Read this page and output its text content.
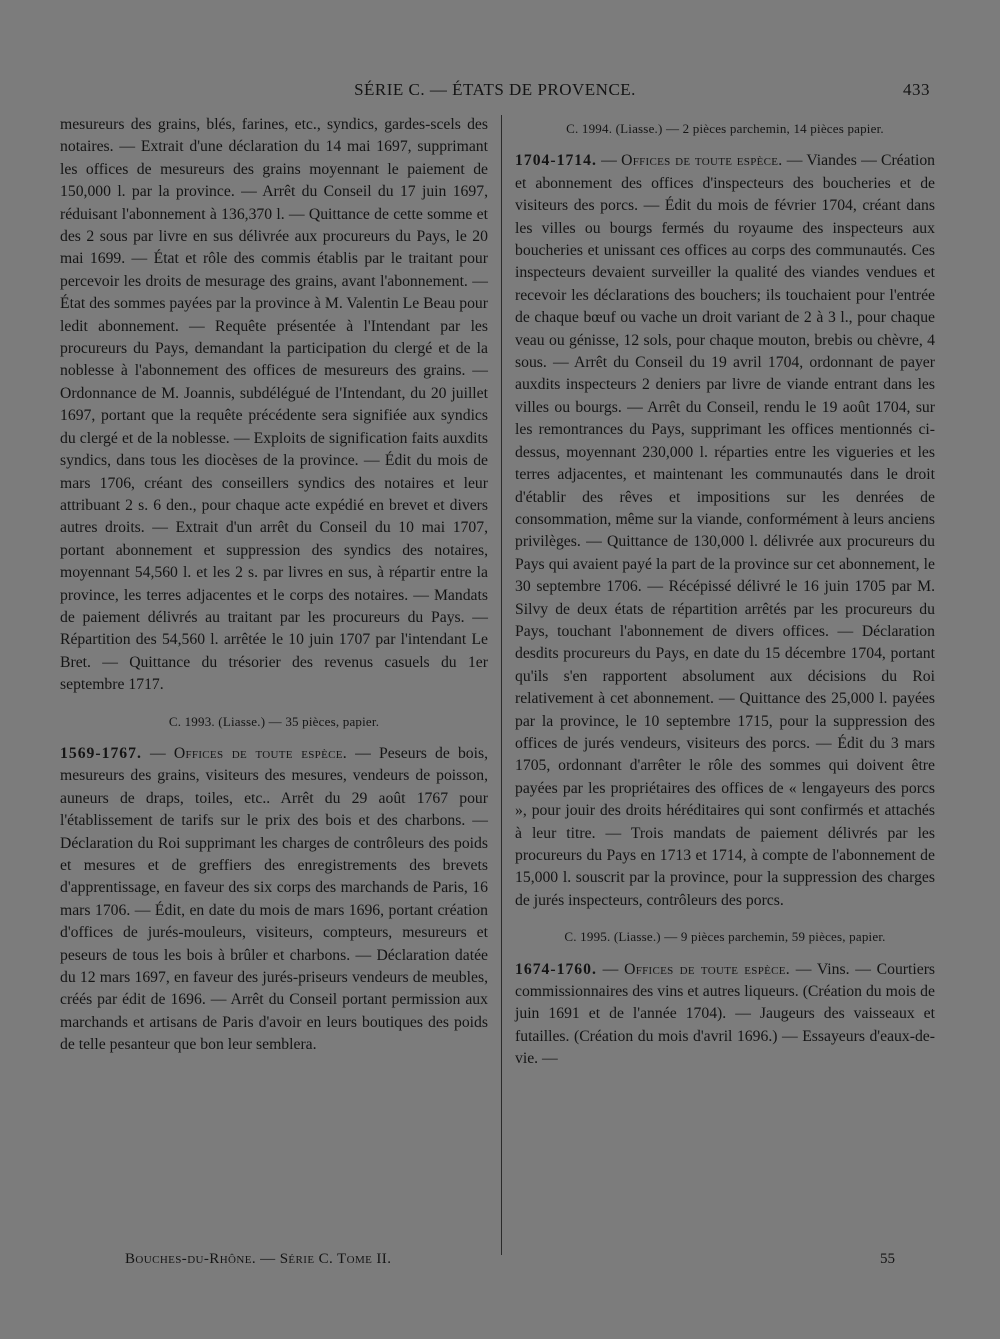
SÉRIE C. — ÉTATS DE PROVENCE.	433

mesureurs des grains, blés, farines, etc., syndics, gardes-scels des notaires. — Extrait d'une déclaration du 14 mai 1697, supprimant les offices de mesureurs des grains moyennant le paiement de 150,000 l. par la province. — Arrêt du Conseil du 17 juin 1697, réduisant l'abonnement à 136,370 l. — Quittance de cette somme et des 2 sous par livre en sus délivrée aux procureurs du Pays, le 20 mai 1699. — État et rôle des commis établis par le traitant pour percevoir les droits de mesurage des grains, avant l'abonnement. — État des sommes payées par la province à M. Valentin Le Beau pour ledit abonnement. — Requête présentée à l'Intendant par les procureurs du Pays, demandant la participation du clergé et de la noblesse à l'abonnement des offices de mesureurs des grains. — Ordonnance de M. Joannis, subdélégué de l'Intendant, du 20 juillet 1697, portant que la requête précédente sera signifiée aux syndics du clergé et de la noblesse. — Exploits de signification faits auxdits syndics, dans tous les diocèses de la province. — Édit du mois de mars 1706, créant des conseillers syndics des notaires et leur attribuant 2 s. 6 den., pour chaque acte expédié en brevet et divers autres droits. — Extrait d'un arrêt du Conseil du 10 mai 1707, portant abonnement et suppression des syndics des notaires, moyennant 54,560 l. et les 2 s. par livres en sus, à répartir entre la province, les terres adjacentes et le corps des notaires. — Mandats de paiement délivrés au traitant par les procureurs du Pays. — Répartition des 54,560 l. arrêtée le 10 juin 1707 par l'intendant Le Bret. — Quittance du trésorier des revenus casuels du 1er septembre 1717.

C. 1993. (Liasse.) — 35 pièces, papier.

1569-1767. — Offices de toute espèce. — Peseurs de bois, mesureurs des grains, visiteurs des mesures, vendeurs de poisson, auneurs de draps, toiles, etc.. Arrêt du 29 août 1767 pour l'établissement de tarifs sur le prix des bois et des charbons. — Déclaration du Roi supprimant les charges de contrôleurs des poids et mesures et de greffiers des enregistrements des brevets d'apprentissage, en faveur des six corps des marchands de Paris, 16 mars 1706. — Édit, en date du mois de mars 1696, portant création d'offices de jurés-mouleurs, visiteurs, compteurs, mesureurs et peseurs de tous les bois à brûler et charbons. — Déclaration datée du 12 mars 1697, en faveur des jurés-priseurs vendeurs de meubles, créés par édit de 1696. — Arrêt du Conseil portant permission aux marchands et artisans de Paris d'avoir en leurs boutiques des poids de telle pesanteur que bon leur semblera.

C. 1994. (Liasse.) — 2 pièces parchemin, 14 pièces papier.

1704-1714. — Offices de toute espèce. — Viandes — Création et abonnement des offices d'inspecteurs des boucheries et de visiteurs des porcs. — Édit du mois de février 1704, créant dans les villes ou bourgs fermés du royaume des inspecteurs aux boucheries et unissant ces offices au corps des communautés. Ces inspecteurs devaient surveiller la qualité des viandes vendues et recevoir les déclarations des bouchers; ils touchaient pour l'entrée de chaque bœuf ou vache un droit variant de 2 à 3 l., pour chaque veau ou génisse, 12 sols, pour chaque mouton, brebis ou chèvre, 4 sous. — Arrêt du Conseil du 19 avril 1704, ordonnant de payer auxdits inspecteurs 2 deniers par livre de viande entrant dans les villes ou bourgs. — Arrêt du Conseil, rendu le 19 août 1704, sur les remontrances du Pays, supprimant les offices mentionnés ci-dessus, moyennant 230,000 l. réparties entre les vigueries et les terres adjacentes, et maintenant les communautés dans le droit d'établir des rêves et impositions sur les denrées de consommation, même sur la viande, conformément à leurs anciens privilèges. — Quittance de 130,000 l. délivrée aux procureurs du Pays qui avaient payé la part de la province sur cet abonnement, le 30 septembre 1706. — Récépissé délivré le 16 juin 1705 par M. Silvy de deux états de répartition arrêtés par les procureurs du Pays, touchant l'abonnement de divers offices. — Déclaration desdits procureurs du Pays, en date du 15 décembre 1704, portant qu'ils s'en rapportent absolument aux décisions du Roi relativement à cet abonnement. — Quittance des 25,000 l. payées par la province, le 10 septembre 1715, pour la suppression des offices de jurés vendeurs, visiteurs des porcs. — Édit du 3 mars 1705, ordonnant d'arrêter le rôle des sommes qui doivent être payées par les propriétaires des offices de « lengayeurs des porcs », pour jouir des droits héréditaires qui sont confirmés et attachés à leur titre. — Trois mandats de paiement délivrés par les procureurs du Pays en 1713 et 1714, à compte de l'abonnement de 15,000 l. souscrit par la province, pour la suppression des charges de jurés inspecteurs, contrôleurs des porcs.

C. 1995. (Liasse.) — 9 pièces parchemin, 59 pièces, papier.

1674-1760. — Offices de toute espèce. — Vins. — Courtiers commissionnaires des vins et autres liqueurs. (Création du mois de juin 1691 et de l'année 1704). — Jaugeurs des vaisseaux et futailles. (Création du mois d'avril 1696.) — Essayeurs d'eaux-de-vie. —

Bouches-du-Rhône. — Série C. Tome II.	55
